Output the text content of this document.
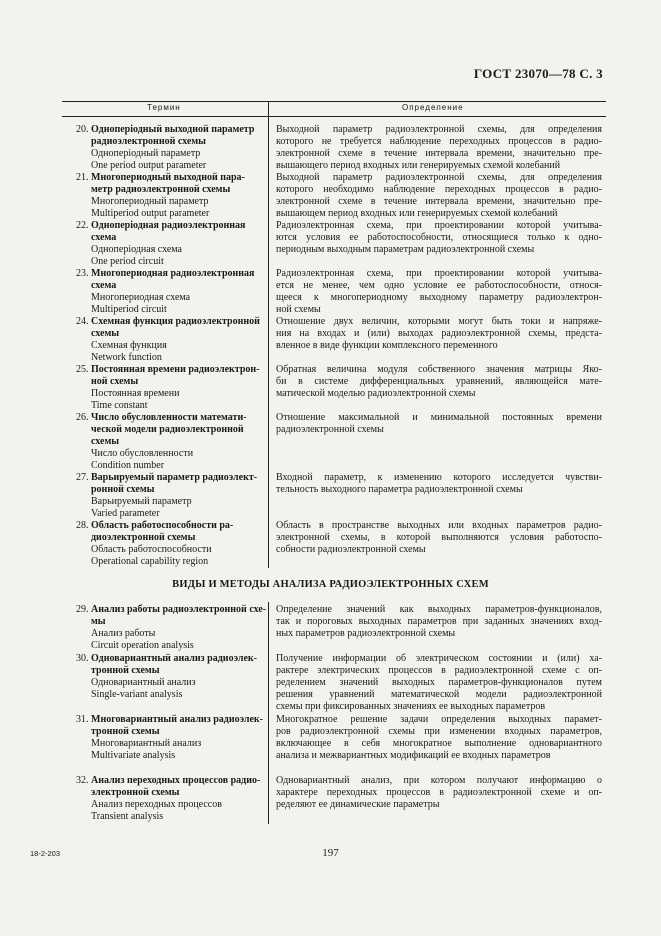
ГОСТ 23070—78 С. 3
Термин	Определение
20. Одноперіодный выходной параметр
радиоэлектронной схемы
Одноперіодный параметр
One period output parameter
Выходной параметр радиоэлектронной схемы, для определения
которого не требуется наблюдение переходных процессов в радио-
электронной схеме в течение интервала времени, значительно пре-
вышающего период входных или генерируемых схемой колебаний
21. Многопериодный выходной пара-
метр радиоэлектронной схемы
Многопериодный параметр
Multiperiod output parameter
Выходной параметр радиоэлектронной схемы, для определения
которого необходимо наблюдение переходных процессов в радио-
электронной схеме в течение интервала времени, значительно пре-
вышающем период входных или генерируемых схемой колебаний
22. Одноперіодная радиоэлектронная
схема
Одноперіодная схема
One period circuit
Радиоэлектронная схема, при проектировании которой учитыва-
ются условия ее работоспособности, относящиеся только к одно-
периодным выходным параметрам радиоэлектронной схемы
23. Многопериодная радиоэлектронная
схема
Многопериодная схема
Multiperiod circuit
Радиоэлектронная схема, при проектировании которой учитыва-
ется не менее, чем одно условие ее работоспособности, относя-
щееся к многопериодному выходному параметру радиоэлектрон-
ной схемы
24. Схемная функция радиоэлектронной
схемы
Схемная функция
Network function
Отношение двух величин, которыми могут быть токи и напряже-
ния на входах и (или) выходах радиоэлектронной схемы, предста-
вленное в виде функции комплексного переменного
25. Постоянная времени радиоэлектрон-
ной схемы
Постоянная времени
Time constant
Обратная величина модуля собственного значения матрицы Яко-
би в системе дифференциальных уравнений, являющейся мате-
матической моделью радиоэлектронной схемы
26. Число обусловленности математи-
ческой модели радиоэлектронной
схемы
Число обусловленности
Condition number
Отношение максимальной и минимальной постоянных времени
радиоэлектронной схемы
27. Варьируемый параметр радиоэлект-
ронной схемы
Варьируемый параметр
Varied parameter
Входной параметр, к изменению которого исследуется чувстви-
тельность выходного параметра радиоэлектронной схемы
28. Область работоспособности ра-
диоэлектронной схемы
Область работоспособности
Operational capability region
Область в пространстве выходных или входных параметров радио-
электронной схемы, в которой выполняются условия работоспо-
собности радиоэлектронной схемы
ВИДЫ И МЕТОДЫ АНАЛИЗА РАДИОЭЛЕКТРОННЫХ СХЕМ
29. Анализ работы радиоэлектронной схе-
мы
Анализ работы
Circuit operation analysis
Определение значений как выходных параметров-функционалов,
так и пороговых выходных параметров при заданных значениях вход-
ных параметров радиоэлектронной схемы
30. Одновариантный анализ радиоэлек-
тронной схемы
Одновариантный анализ
Single-variant analysis
Получение информации об электрическом состоянии и (или) ха-
рактере электрических процессов в радиоэлектронной схеме с оп-
ределением значений выходных параметров-функционалов путем
решения уравнений математической модели радиоэлектронной
схемы при фиксированных значениях ее выходных параметров
31. Многовариантный анализ радиоэлек-
тронной схемы
Многовариантный анализ
Multivariate analysis
Многократное решение задачи определения выходных парамет-
ров радиоэлектронной схемы при изменении входных параметров,
включающее в себя многократное выполнение одновариантного
анализа и межвариантных модификаций ее входных параметров
32. Анализ переходных процессов радио-
электронной схемы
Анализ переходных процессов
Transient analysis
Одновариантный анализ, при котором получают информацию о
характере переходных процессов в радиоэлектронной схеме и оп-
ределяют ее динамические параметры
18-2-203	197
